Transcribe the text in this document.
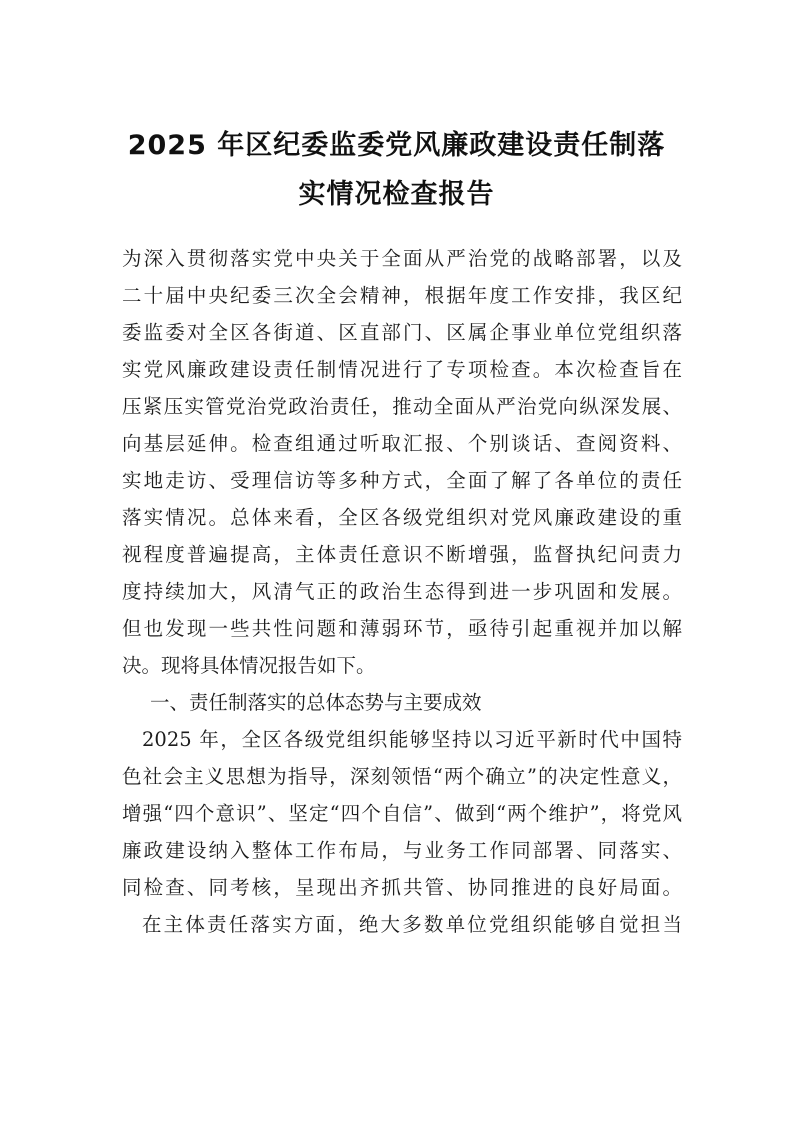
2025 年区纪委监委党风廉政建设责任制落
实情况检查报告
为深入贯彻落实党中央关于全面从严治党的战略部署，以及
二十届中央纪委三次全会精神，根据年度工作安排，我区纪
委监委对全区各街道、区直部门、区属企事业单位党组织落
实党风廉政建设责任制情况进行了专项检查。本次检查旨在
压紧压实管党治党政治责任，推动全面从严治党向纵深发展、
向基层延伸。检查组通过听取汇报、个别谈话、查阅资料、
实地走访、受理信访等多种方式，全面了解了各单位的责任
落实情况。总体来看，全区各级党组织对党风廉政建设的重
视程度普遍提高，主体责任意识不断增强，监督执纪问责力
度持续加大，风清气正的政治生态得到进一步巩固和发展。
但也发现一些共性问题和薄弱环节，亟待引起重视并加以解
决。现将具体情况报告如下。
一、责任制落实的总体态势与主要成效
2025 年，全区各级党组织能够坚持以习近平新时代中国特
色社会主义思想为指导，深刻领悟“两个确立”的决定性意义，
增强“四个意识”、坚定“四个自信”、做到“两个维护”，将党风
廉政建设纳入整体工作布局，与业务工作同部署、同落实、
同检查、同考核，呈现出齐抓共管、协同推进的良好局面。
在主体责任落实方面，绝大多数单位党组织能够自觉担当
